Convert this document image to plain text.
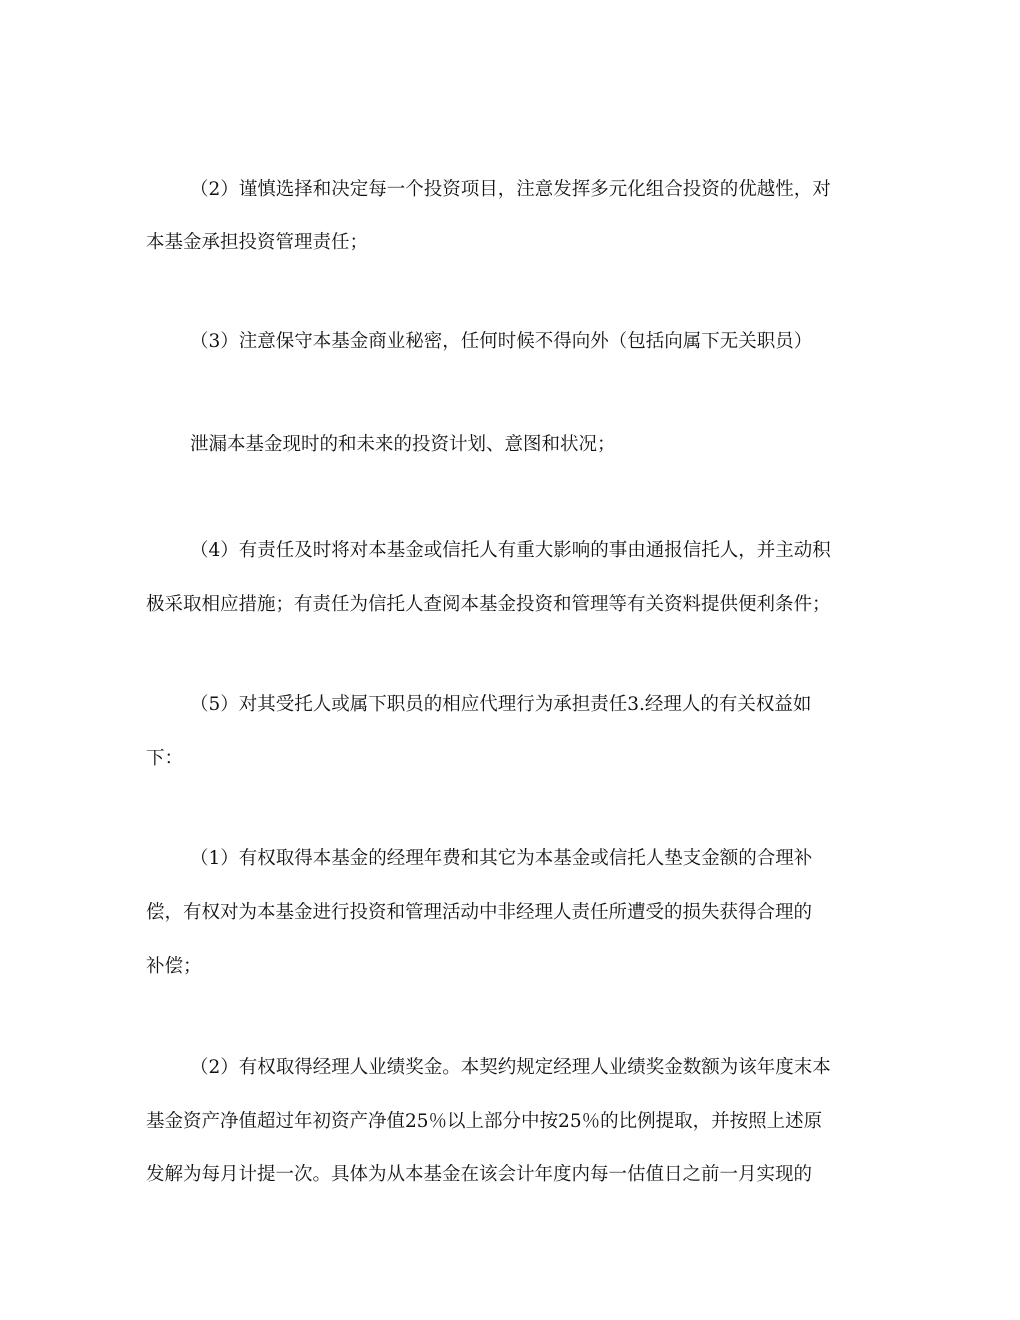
（2）谨慎选择和决定每一个投资项目，注意发挥多元化组合投资的优越性，对

本基金承担投资管理责任；

（3）注意保守本基金商业秘密，任何时候不得向外（包括向属下无关职员）

泄漏本基金现时的和未来的投资计划、意图和状况；

（4）有责任及时将对本基金或信托人有重大影响的事由通报信托人，并主动积

极采取相应措施；有责任为信托人查阅本基金投资和管理等有关资料提供便利条件；

（5）对其受托人或属下职员的相应代理行为承担责任3.经理人的有关权益如

下：

（1）有权取得本基金的经理年费和其它为本基金或信托人垫支金额的合理补

偿，有权对为本基金进行投资和管理活动中非经理人责任所遭受的损失获得合理的

补偿；

（2）有权取得经理人业绩奖金。本契约规定经理人业绩奖金数额为该年度末本

基金资产净值超过年初资产净值25％以上部分中按25％的比例提取，并按照上述原

发解为每月计提一次。具体为从本基金在该会计年度内每一估值日之前一月实现的
